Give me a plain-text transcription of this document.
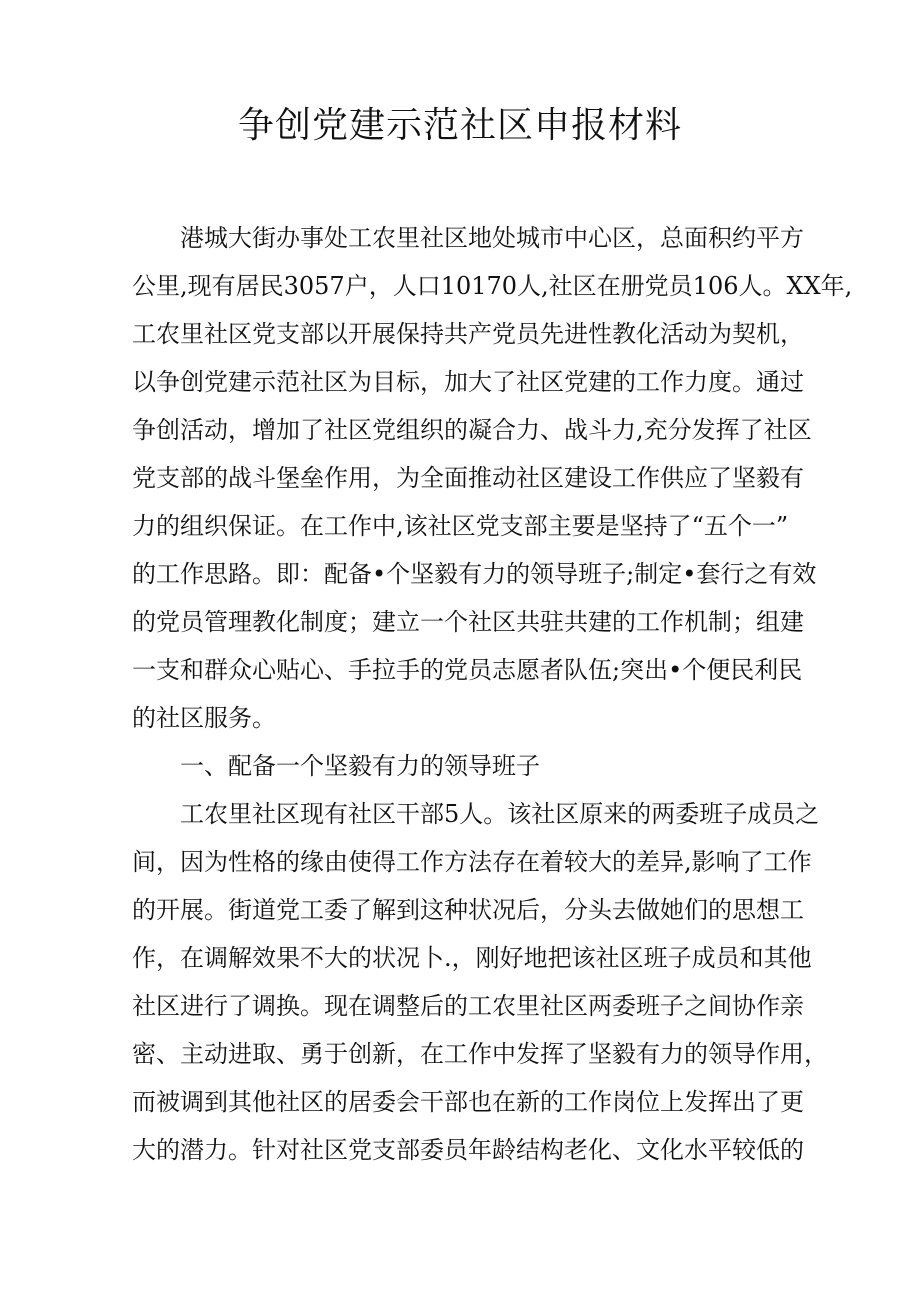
争创党建示范社区申报材料

港城大街办事处工农里社区地处城市中心区，总面积约平方

公里,现有居民3057户，人口10170人,社区在册党员106人。XX年,

工农里社区党支部以开展保持共产党员先进性教化活动为契机，

以争创党建示范社区为目标，加大了社区党建的工作力度。通过

争创活动，增加了社区党组织的凝合力、战斗力,充分发挥了社区

党支部的战斗堡垒作用，为全面推动社区建设工作供应了坚毅有

力的组织保证。在工作中,该社区党支部主要是坚持了“五个一”

的工作思路。即：配备•个坚毅有力的领导班子;制定•套行之有效

的党员管理教化制度；建立一个社区共驻共建的工作机制；组建

一支和群众心贴心、手拉手的党员志愿者队伍;突出•个便民利民

的社区服务。

一、配备一个坚毅有力的领导班子

工农里社区现有社区干部5人。该社区原来的两委班子成员之

间，因为性格的缘由使得工作方法存在着较大的差异,影响了工作

的开展。街道党工委了解到这种状况后，分头去做她们的思想工

作，在调解效果不大的状况卜.，刚好地把该社区班子成员和其他

社区进行了调换。现在调整后的工农里社区两委班子之间协作亲

密、主动进取、勇于创新，在工作中发挥了坚毅有力的领导作用，

而被调到其他社区的居委会干部也在新的工作岗位上发挥出了更

大的潜力。针对社区党支部委员年龄结构老化、文化水平较低的
